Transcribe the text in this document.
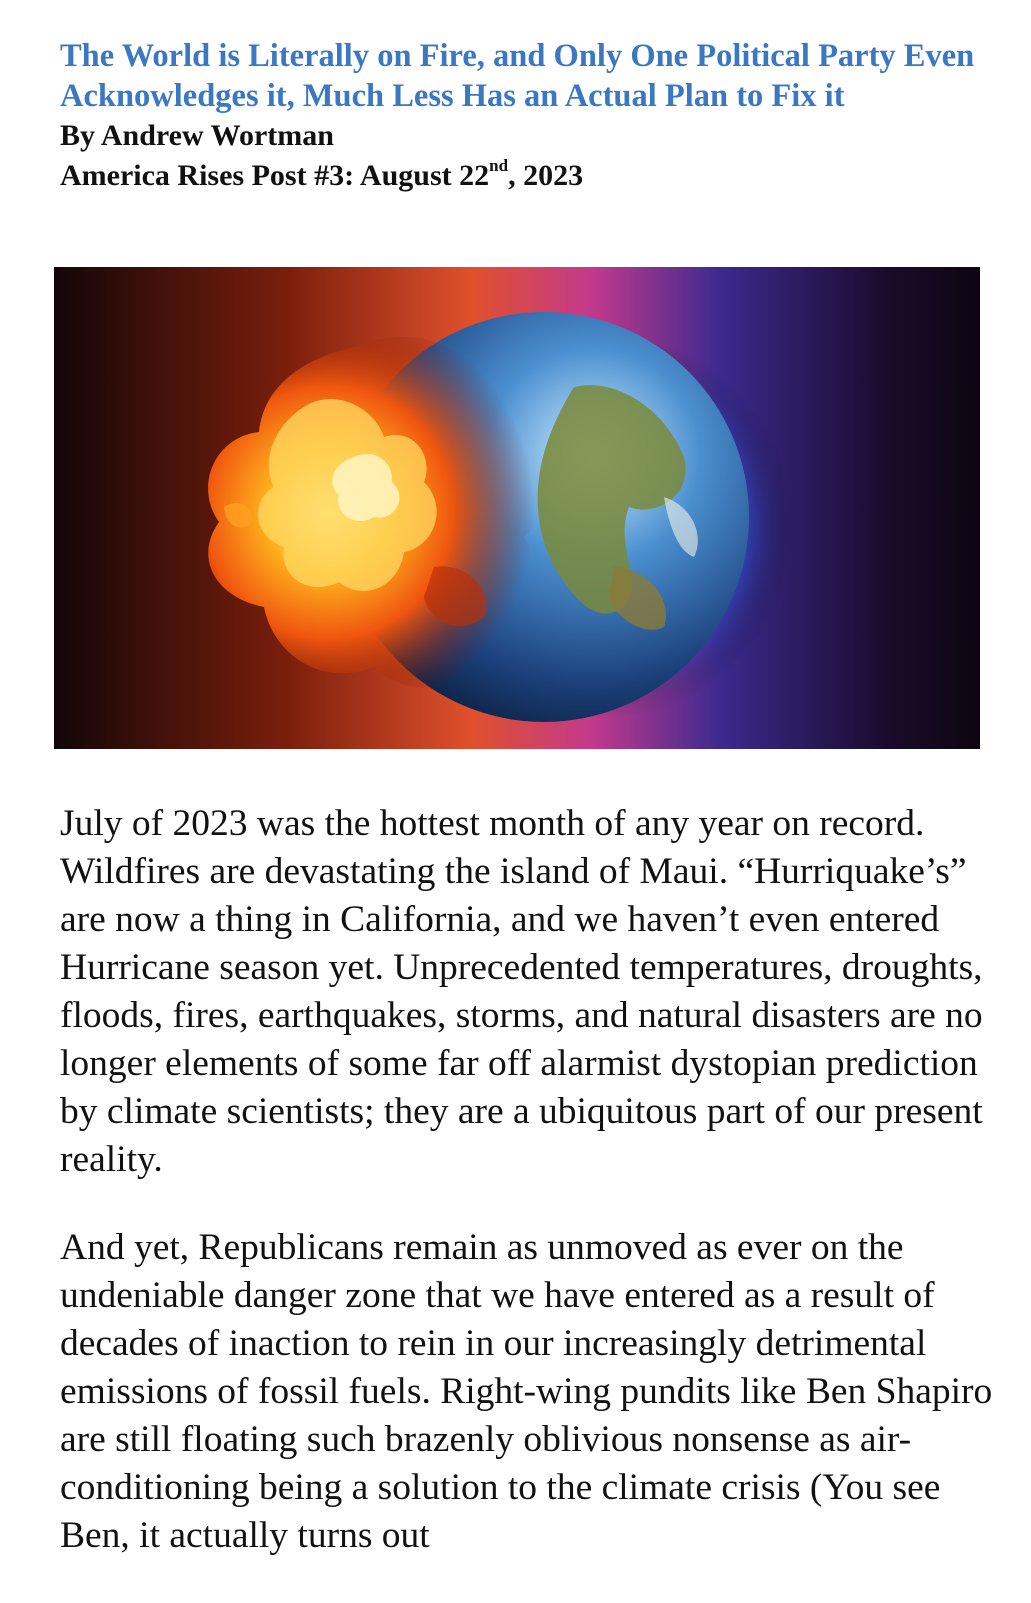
The World is Literally on Fire, and Only One Political Party Even Acknowledges it, Much Less Has an Actual Plan to Fix it

By Andrew Wortman

America Rises Post #3: August 22nd, 2023

July of 2023 was the hottest month of any year on record. Wildfires are devastating the island of Maui. “Hurriquake’s” are now a thing in California, and we haven’t even entered Hurricane season yet. Unprecedented temperatures, droughts, floods, fires, earthquakes, storms, and natural disasters are no longer elements of some far off alarmist dystopian prediction by climate scientists; they are a ubiquitous part of our present reality.

And yet, Republicans remain as unmoved as ever on the undeniable danger zone that we have entered as a result of decades of inaction to rein in our increasingly detrimental emissions of fossil fuels. Right-wing pundits like Ben Shapiro are still floating such brazenly oblivious nonsense as air-conditioning being a solution to the climate crisis (You see Ben, it actually turns out
